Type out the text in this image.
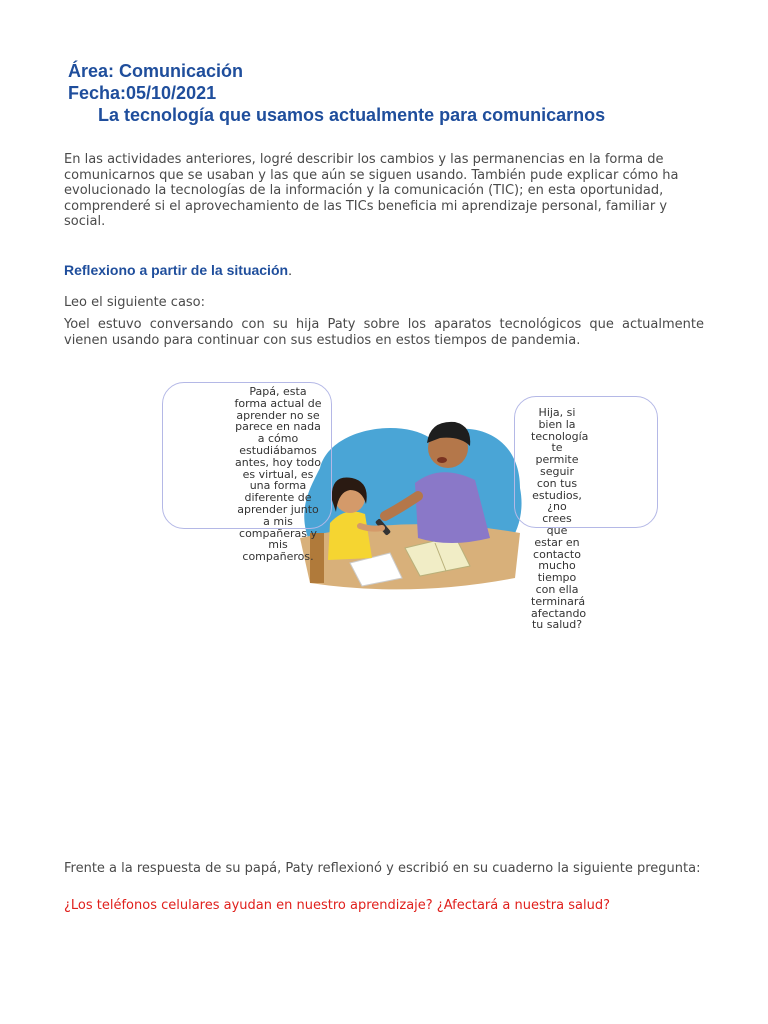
Área: Comunicación
Fecha:05/10/2021
La tecnología que usamos actualmente para comunicarnos

En las actividades anteriores, logré describir los cambios y las permanencias en la forma de comunicarnos que se usaban y las que aún se siguen usando. También pude explicar cómo ha evolucionado la tecnologías de la información y la comunicación (TIC); en esta oportunidad, comprenderé si el aprovechamiento de las TICs beneficia mi aprendizaje personal, familiar y social.

Reflexiono a partir de la situación.

Leo el siguiente caso:

Yoel estuvo conversando con su hija Paty sobre los aparatos tecnológicos que actualmente vienen usando para continuar con sus estudios en estos tiempos de pandemia.

Papá, esta forma actual de aprender no se parece en nada a cómo estudiábamos antes, hoy todo es virtual, es una forma diferente de aprender junto a mis compañeras y mis compañeros.

Hija, si bien la tecnología te permite seguir con tus estudios, ¿no crees que estar en contacto mucho tiempo con ella terminará afectando tu salud?

Frente a la respuesta de su papá, Paty reflexionó y escribió en su cuaderno la siguiente pregunta:

¿Los teléfonos celulares ayudan en nuestro aprendizaje? ¿Afectará a nuestra salud?
